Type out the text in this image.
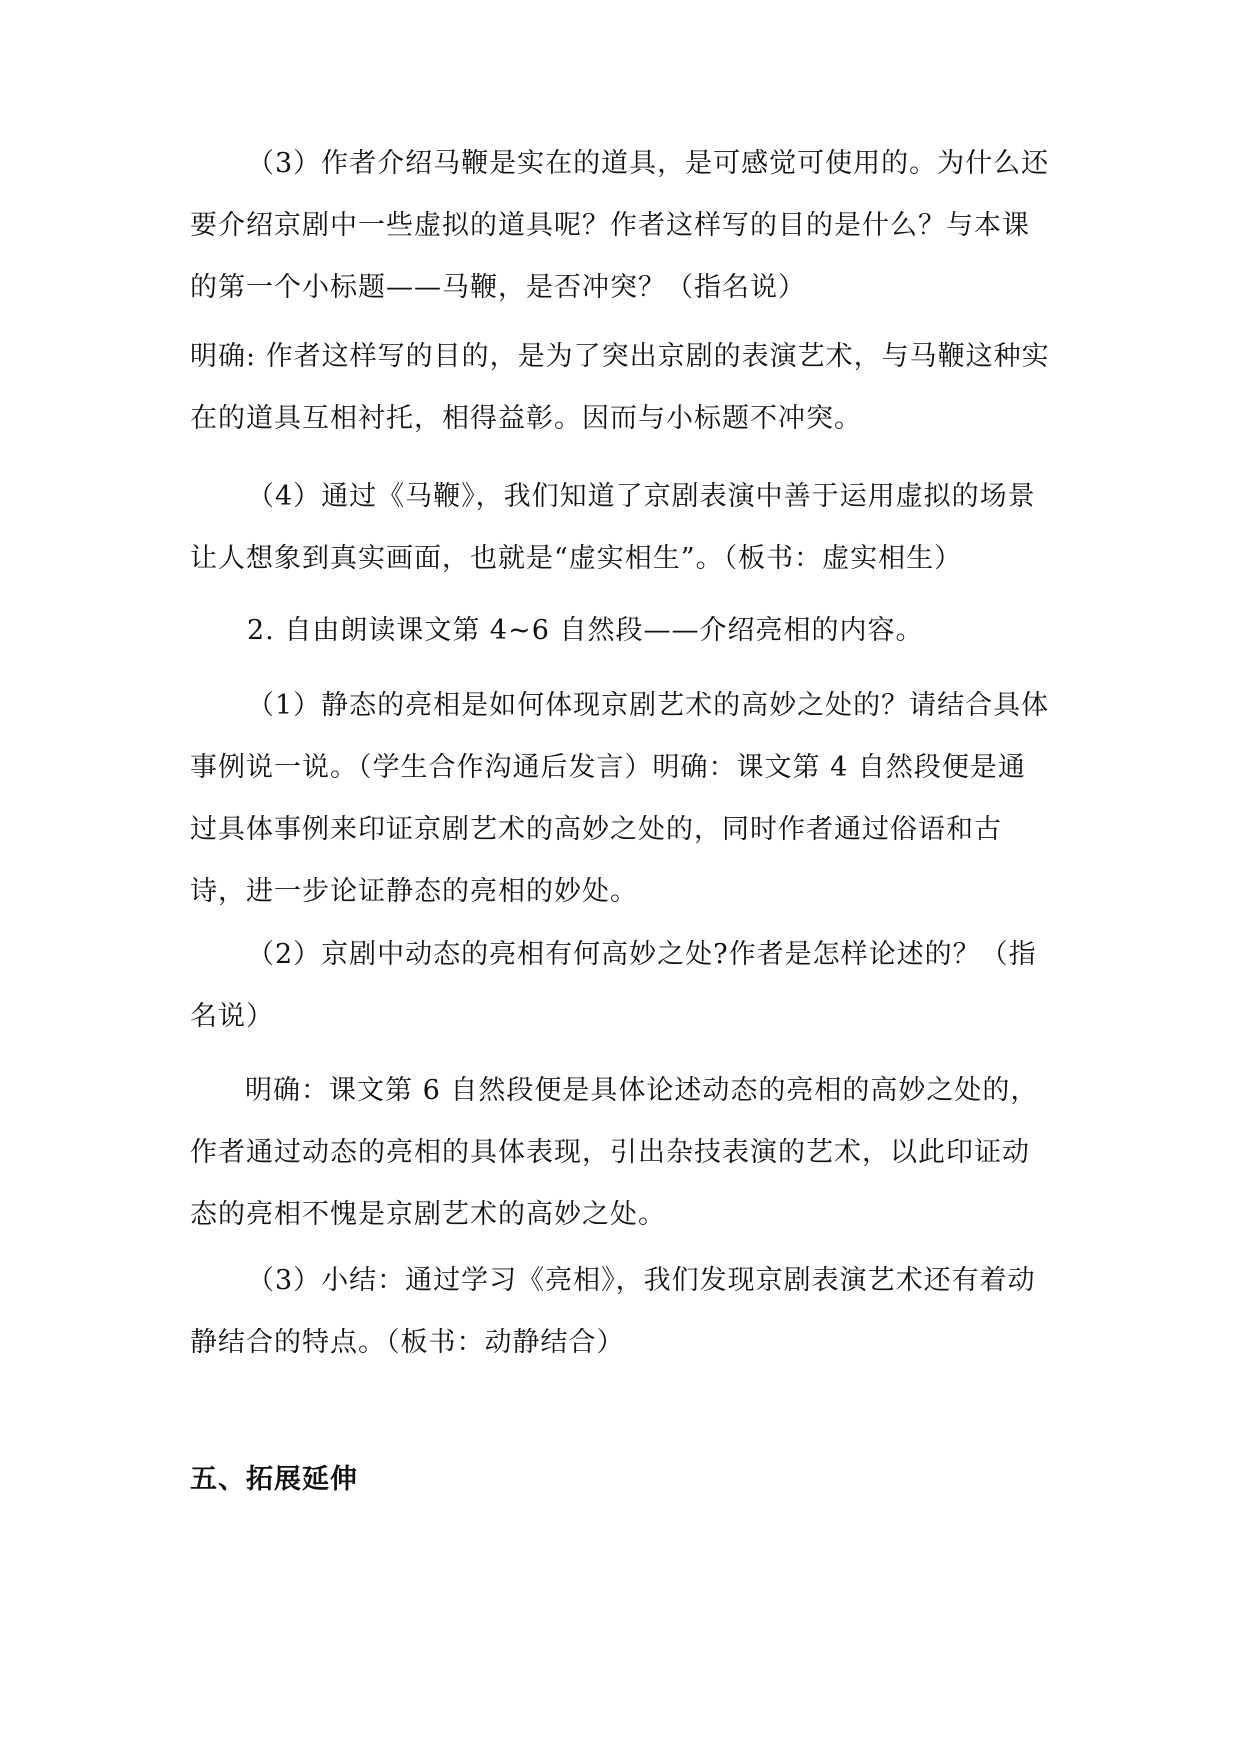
（3）作者介绍马鞭是实在的道具，是可感觉可使用的。为什么还要介绍京剧中一些虚拟的道具呢？作者这样写的目的是什么？与本课的第一个小标题——马鞭，是否冲突？（指名说）

明确: 作者这样写的目的，是为了突出京剧的表演艺术，与马鞭这种实在的道具互相衬托，相得益彰。因而与小标题不冲突。

（4）通过《马鞭》，我们知道了京剧表演中善于运用虚拟的场景让人想象到真实画面，也就是“虚实相生”。（板书：虚实相生）

2. 自由朗读课文第 4~6 自然段——介绍亮相的内容。

（1）静态的亮相是如何体现京剧艺术的高妙之处的？请结合具体事例说一说。（学生合作沟通后发言）明确：课文第 4 自然段便是通过具体事例来印证京剧艺术的高妙之处的，同时作者通过俗语和古诗，进一步论证静态的亮相的妙处。

（2）京剧中动态的亮相有何高妙之处?作者是怎样论述的？（指名说）

明确：课文第 6 自然段便是具体论述动态的亮相的高妙之处的，作者通过动态的亮相的具体表现，引出杂技表演的艺术，以此印证动态的亮相不愧是京剧艺术的高妙之处。

（3）小结：通过学习《亮相》，我们发现京剧表演艺术还有着动静结合的特点。（板书：动静结合）

五、拓展延伸
